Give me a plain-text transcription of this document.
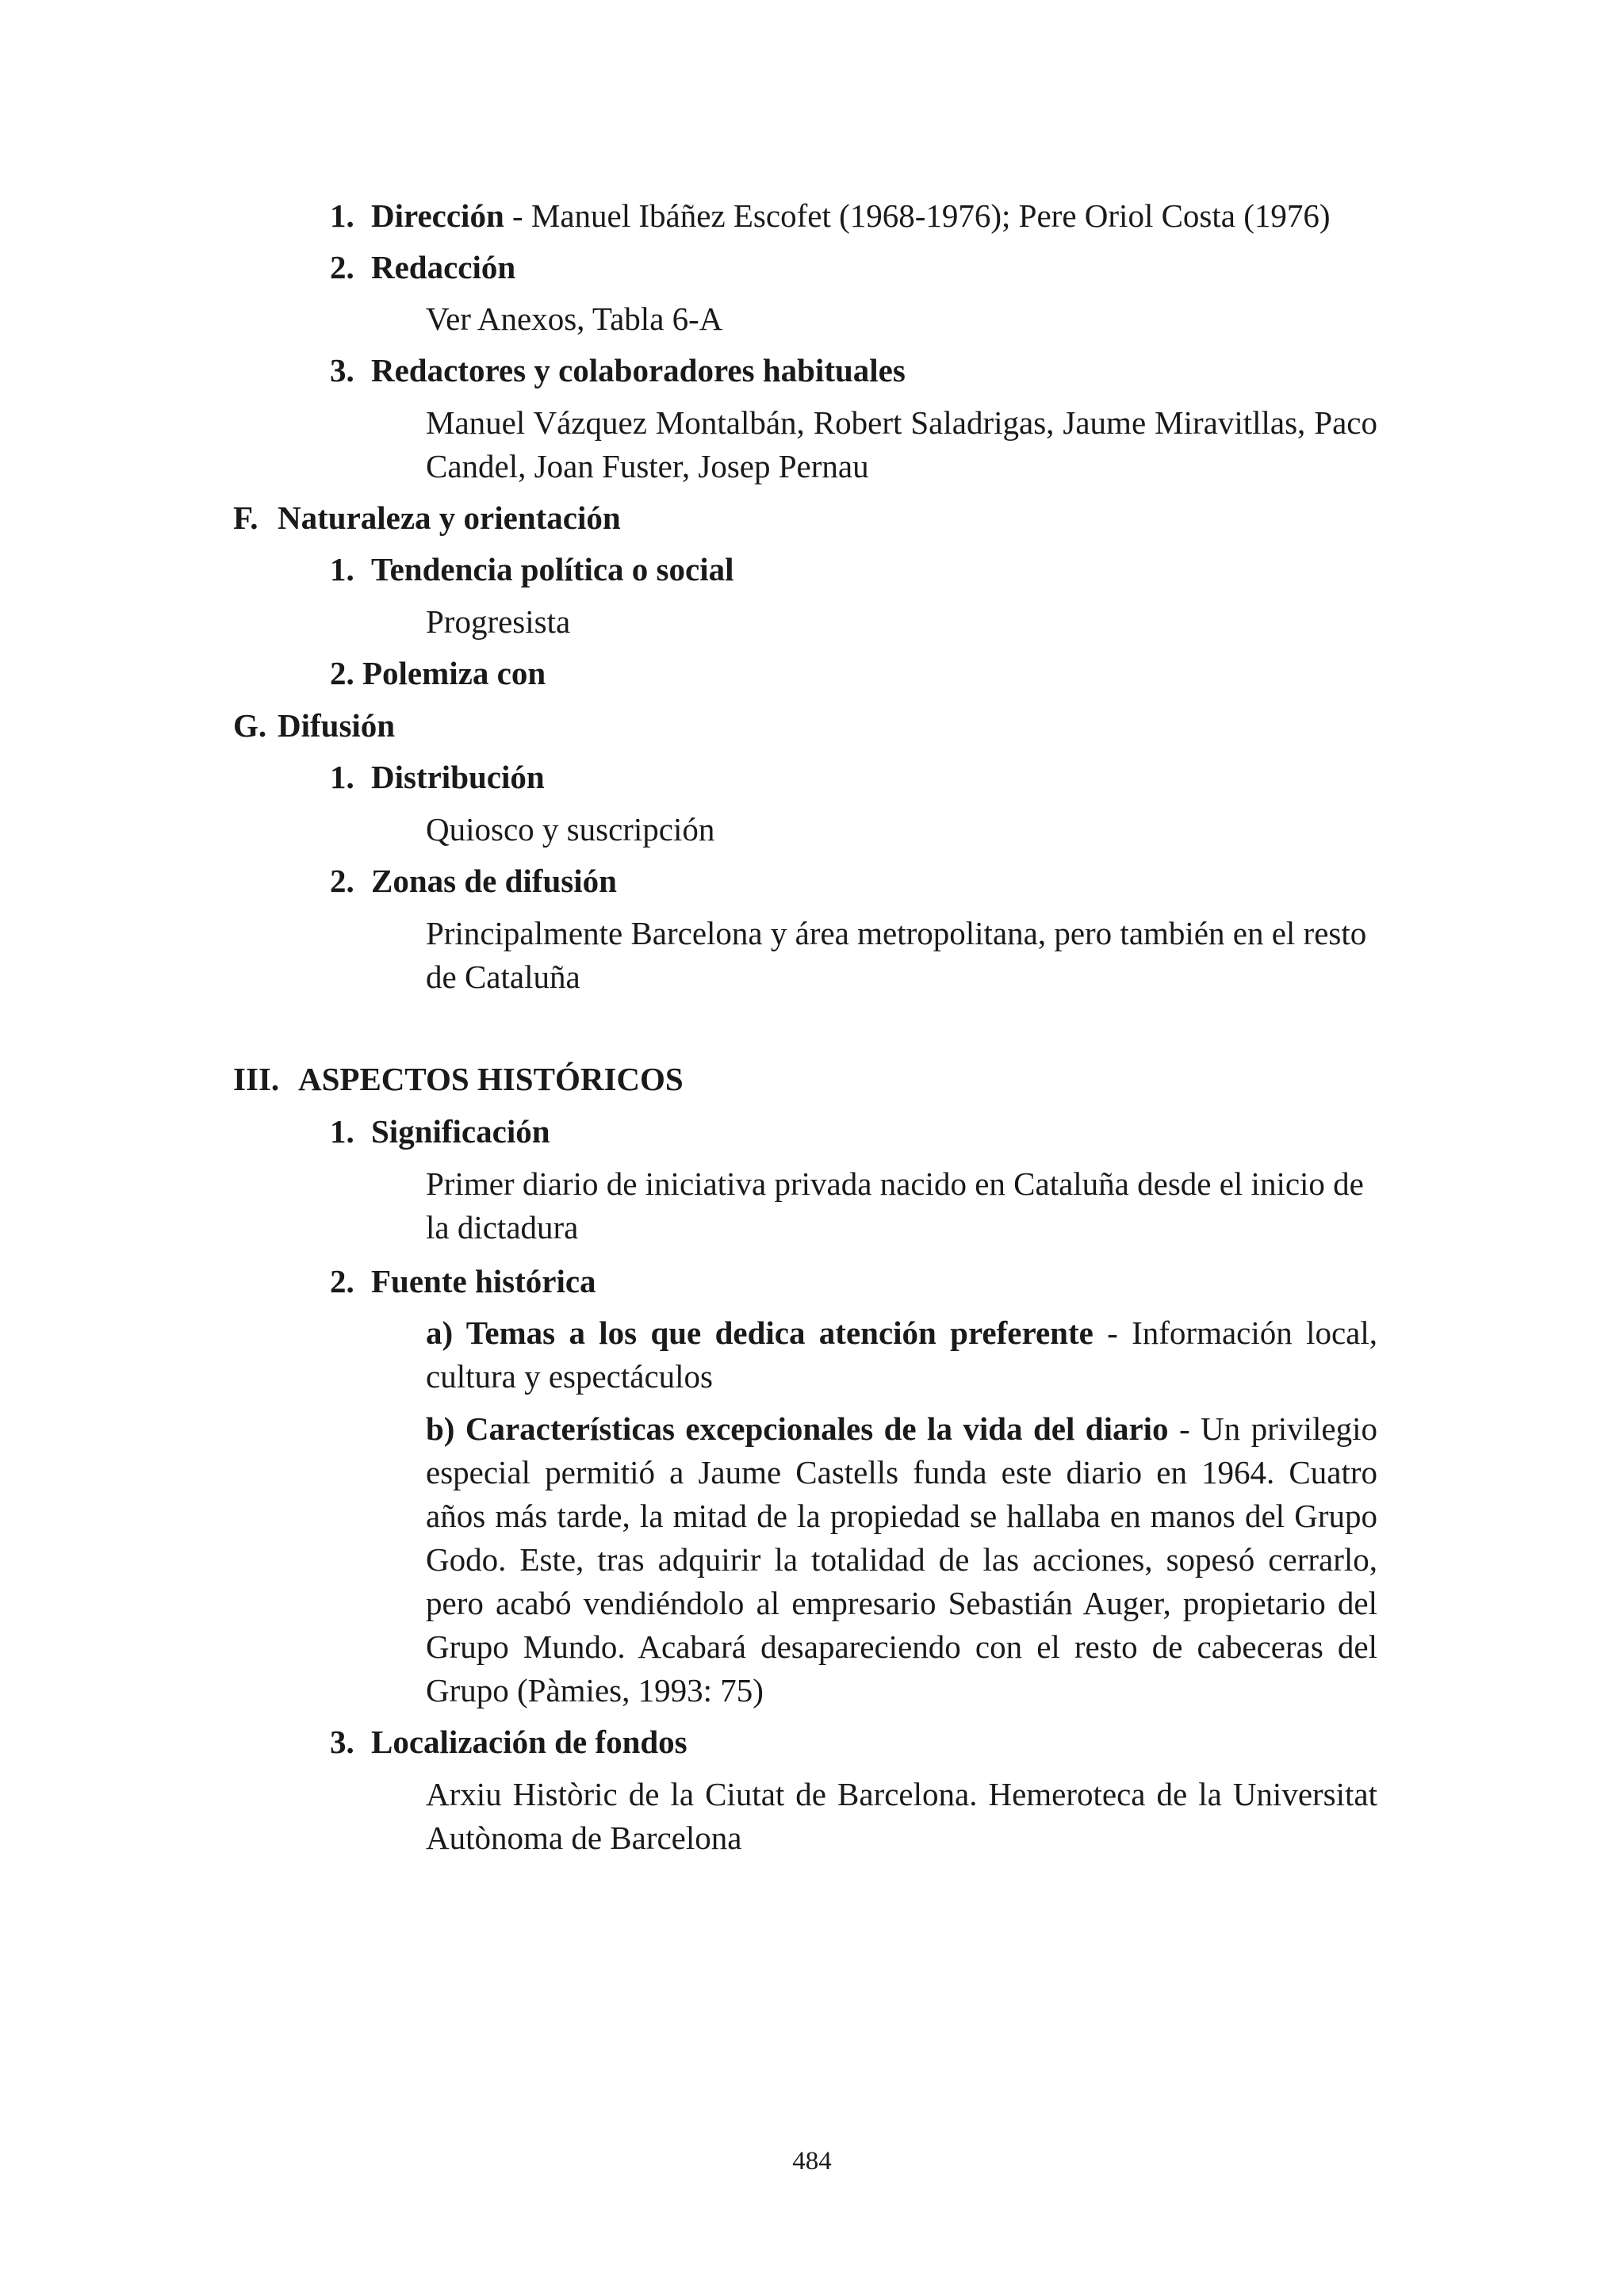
1. Dirección - Manuel Ibáñez Escofet (1968-1976); Pere Oriol Costa (1976)
2. Redacción
Ver Anexos, Tabla 6-A
3. Redactores y colaboradores habituales
Manuel Vázquez Montalbán, Robert Saladrigas, Jaume Miravitllas, Paco Candel, Joan Fuster, Josep Pernau
F. Naturaleza y orientación
1. Tendencia política o social
Progresista
2. Polemiza con
G. Difusión
1. Distribución
Quiosco y suscripción
2. Zonas de difusión
Principalmente Barcelona y área metropolitana, pero también en el resto de Cataluña
III. ASPECTOS HISTÓRICOS
1. Significación
Primer diario de iniciativa privada nacido en Cataluña desde el inicio de la dictadura
2. Fuente histórica
a) Temas a los que dedica atención preferente - Información local, cultura y espectáculos
b) Características excepcionales de la vida del diario - Un privilegio especial permitió a Jaume Castells funda este diario en 1964. Cuatro años más tarde, la mitad de la propiedad se hallaba en manos del Grupo Godo. Este, tras adquirir la totalidad de las acciones, sopesó cerrarlo, pero acabó vendiéndolo al empresario Sebastián Auger, propietario del Grupo Mundo. Acabará desapareciendo con el resto de cabeceras del Grupo (Pàmies, 1993: 75)
3. Localización de fondos
Arxiu Històric de la Ciutat de Barcelona. Hemeroteca de la Universitat Autònoma de Barcelona
484
